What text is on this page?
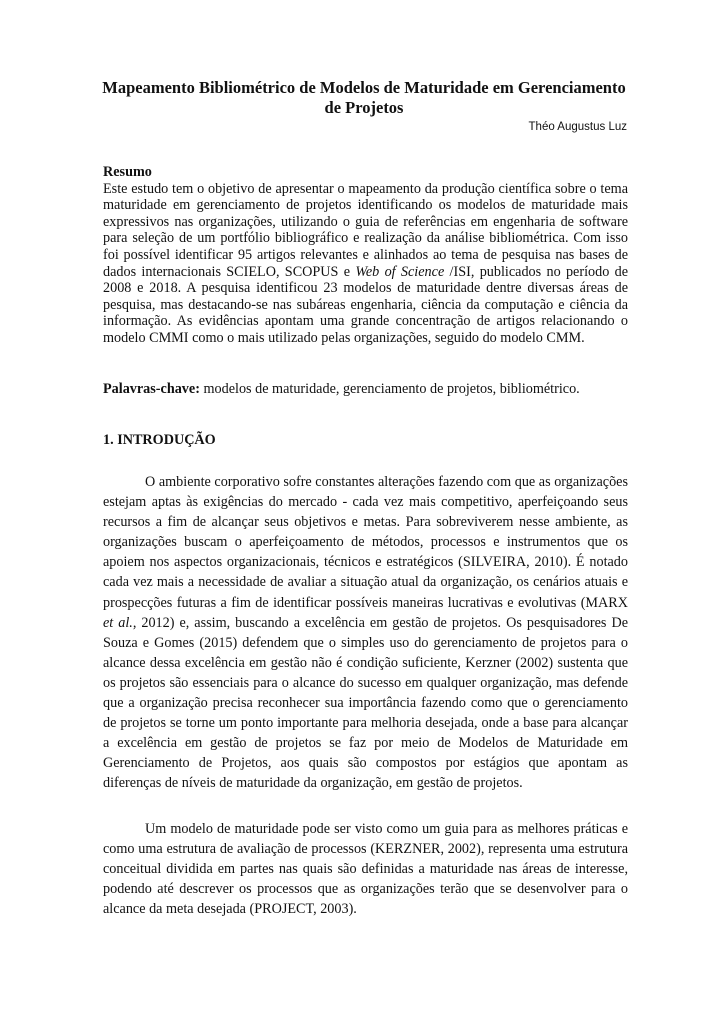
Mapeamento Bibliométrico de Modelos de Maturidade em Gerenciamento de Projetos

Théo Augustus Luz

Resumo
Este estudo tem o objetivo de apresentar o mapeamento da produção científica sobre o tema maturidade em gerenciamento de projetos identificando os modelos de maturidade mais expressivos nas organizações, utilizando o guia de referências em engenharia de software para seleção de um portfólio bibliográfico e realização da análise bibliométrica. Com isso foi possível identificar 95 artigos relevantes e alinhados ao tema de pesquisa nas bases de dados internacionais SCIELO, SCOPUS e Web of Science /ISI, publicados no período de 2008 e 2018. A pesquisa identificou 23 modelos de maturidade dentre diversas áreas de pesquisa, mas destacando-se nas subáreas engenharia, ciência da computação e ciência da informação. As evidências apontam uma grande concentração de artigos relacionando o modelo CMMI como o mais utilizado pelas organizações, seguido do modelo CMM.

Palavras-chave: modelos de maturidade, gerenciamento de projetos, bibliométrico.

1. INTRODUÇÃO

O ambiente corporativo sofre constantes alterações fazendo com que as organizações estejam aptas às exigências do mercado - cada vez mais competitivo, aperfeiçoando seus recursos a fim de alcançar seus objetivos e metas. Para sobreviverem nesse ambiente, as organizações buscam o aperfeiçoamento de métodos, processos e instrumentos que os apoiem nos aspectos organizacionais, técnicos e estratégicos (SILVEIRA, 2010). É notado cada vez mais a necessidade de avaliar a situação atual da organização, os cenários atuais e prospecções futuras a fim de identificar possíveis maneiras lucrativas e evolutivas (MARX et al., 2012) e, assim, buscando a excelência em gestão de projetos. Os pesquisadores De Souza e Gomes (2015) defendem que o simples uso do gerenciamento de projetos para o alcance dessa excelência em gestão não é condição suficiente, Kerzner (2002) sustenta que os projetos são essenciais para o alcance do sucesso em qualquer organização, mas defende que a organização precisa reconhecer sua importância fazendo como que o gerenciamento de projetos se torne um ponto importante para melhoria desejada, onde a base para alcançar a excelência em gestão de projetos se faz por meio de Modelos de Maturidade em Gerenciamento de Projetos, aos quais são compostos por estágios que apontam as diferenças de níveis de maturidade da organização, em gestão de projetos.

Um modelo de maturidade pode ser visto como um guia para as melhores práticas e como uma estrutura de avaliação de processos (KERZNER, 2002), representa uma estrutura conceitual dividida em partes nas quais são definidas a maturidade nas áreas de interesse, podendo até descrever os processos que as organizações terão que se desenvolver para o alcance da meta desejada (PROJECT, 2003).
